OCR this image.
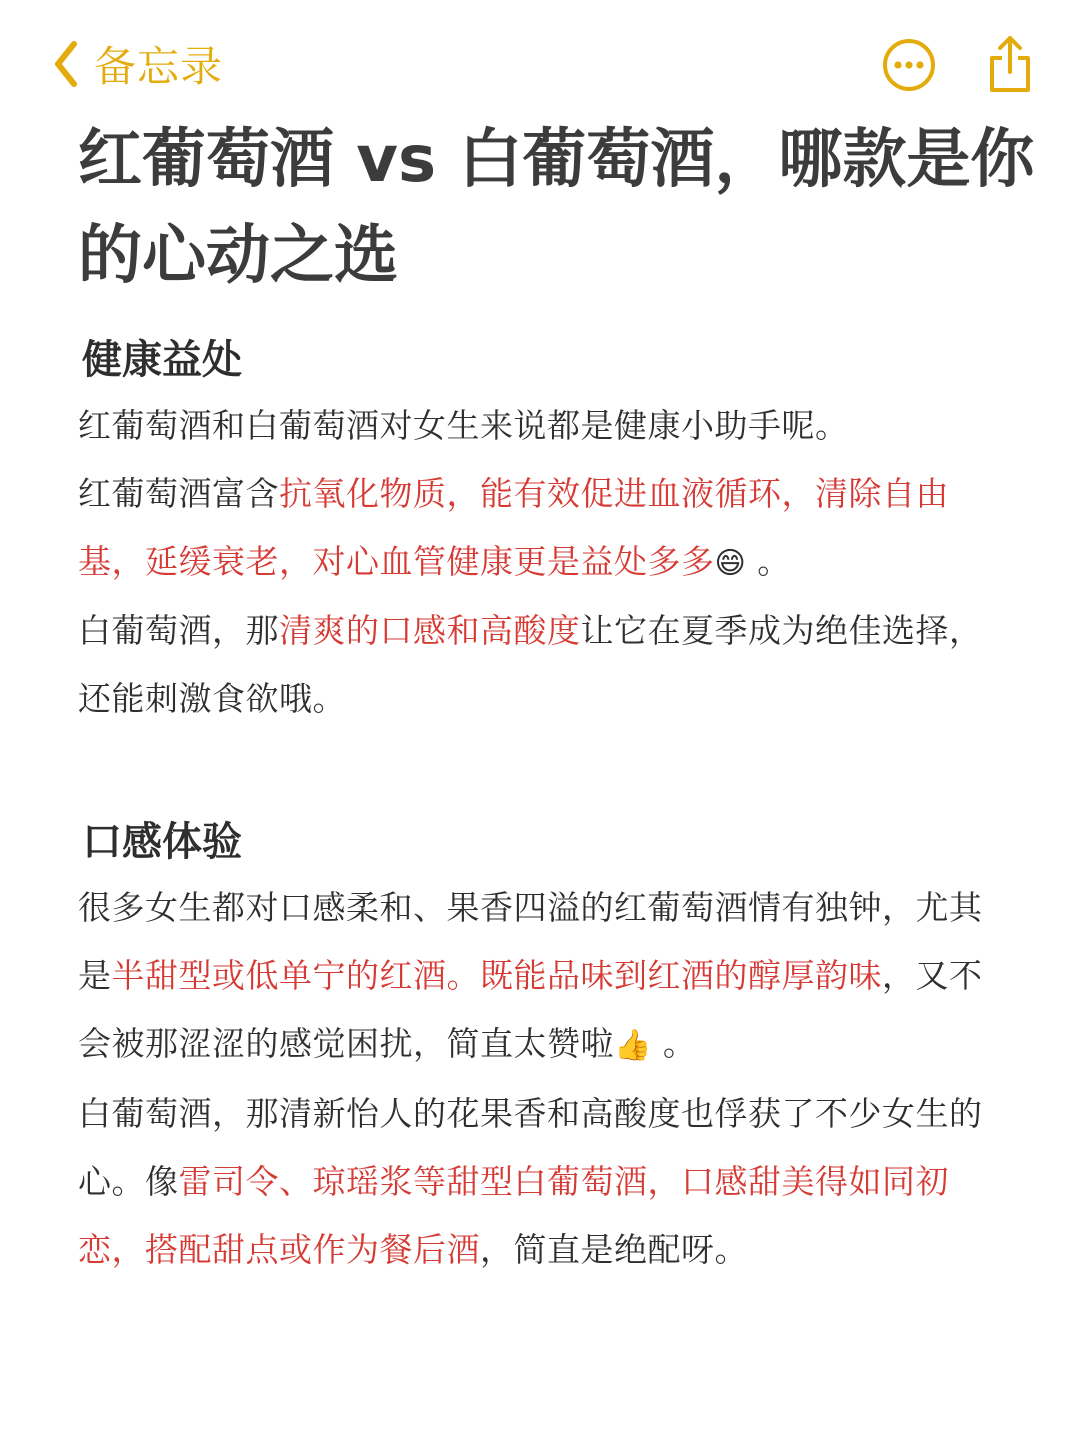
备忘录
红葡萄酒 vs 白葡萄酒，哪款是你的心动之选
健康益处

红葡萄酒和白葡萄酒对女生来说都是健康小助手呢。

红葡萄酒富含抗氧化物质，能有效促进血液循环，清除自由基，延缓衰老，对心血管健康更是益处多多😄 。

白葡萄酒，那清爽的口感和高酸度让它在夏季成为绝佳选择，还能刺激食欲哦。

口感体验

很多女生都对口感柔和、果香四溢的红葡萄酒情有独钟，尤其是半甜型或低单宁的红酒。既能品味到红酒的醇厚韵味，又不会被那涩涩的感觉困扰，简直太赞啦👍 。

白葡萄酒，那清新怡人的花果香和高酸度也俘获了不少女生的心。像雷司令、琼瑶浆等甜型白葡萄酒，口感甜美得如同初恋，搭配甜点或作为餐后酒，简直是绝配呀。
